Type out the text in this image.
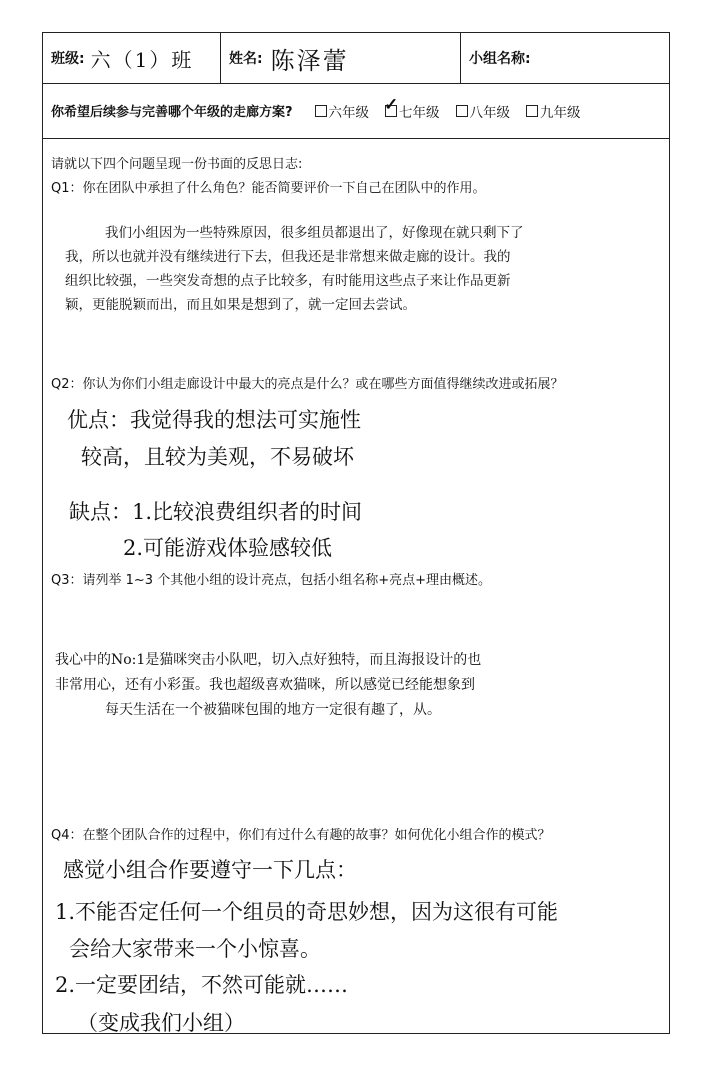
班级: 六（1）班	姓名: 陈泽蕾	小组名称:
你希望后续参与完善哪个年级的走廊方案?	六年级 ✓ 七年级 八年级 九年级
请就以下四个问题呈现一份书面的反思日志:
Q1：你在团队中承担了什么角色？能否简要评价一下自己在团队中的作用。
我们小组因为一些特殊原因，很多组员都退出了，好像现在就只剩下了
我，所以也就并没有继续进行下去，但我还是非常想来做走廊的设计。我的
组织比较强，一些突发奇想的点子比较多，有时能用这些点子来让作品更新
颖，更能脱颖而出，而且如果是想到了，就一定回去尝试。
Q2：你认为你们小组走廊设计中最大的亮点是什么？或在哪些方面值得继续改进或拓展？
优点：我觉得我的想法可实施性
较高，且较为美观，不易破坏
缺点：1.比较浪费组织者的时间
2.可能游戏体验感较低
Q3：请列举 1~3 个其他小组的设计亮点，包括小组名称+亮点+理由概述。
我心中的No:1是猫咪突击小队吧，切入点好独特，而且海报设计的也
非常用心，还有小彩蛋。我也超级喜欢猫咪，所以感觉已经能想象到
每天生活在一个被猫咪包围的地方一定很有趣了，从。
Q4：在整个团队合作的过程中，你们有过什么有趣的故事？如何优化小组合作的模式？
感觉小组合作要遵守一下几点：
1.不能否定任何一个组员的奇思妙想，因为这很有可能
会给大家带来一个小惊喜。
2.一定要团结，不然可能就……
（变成我们小组）
